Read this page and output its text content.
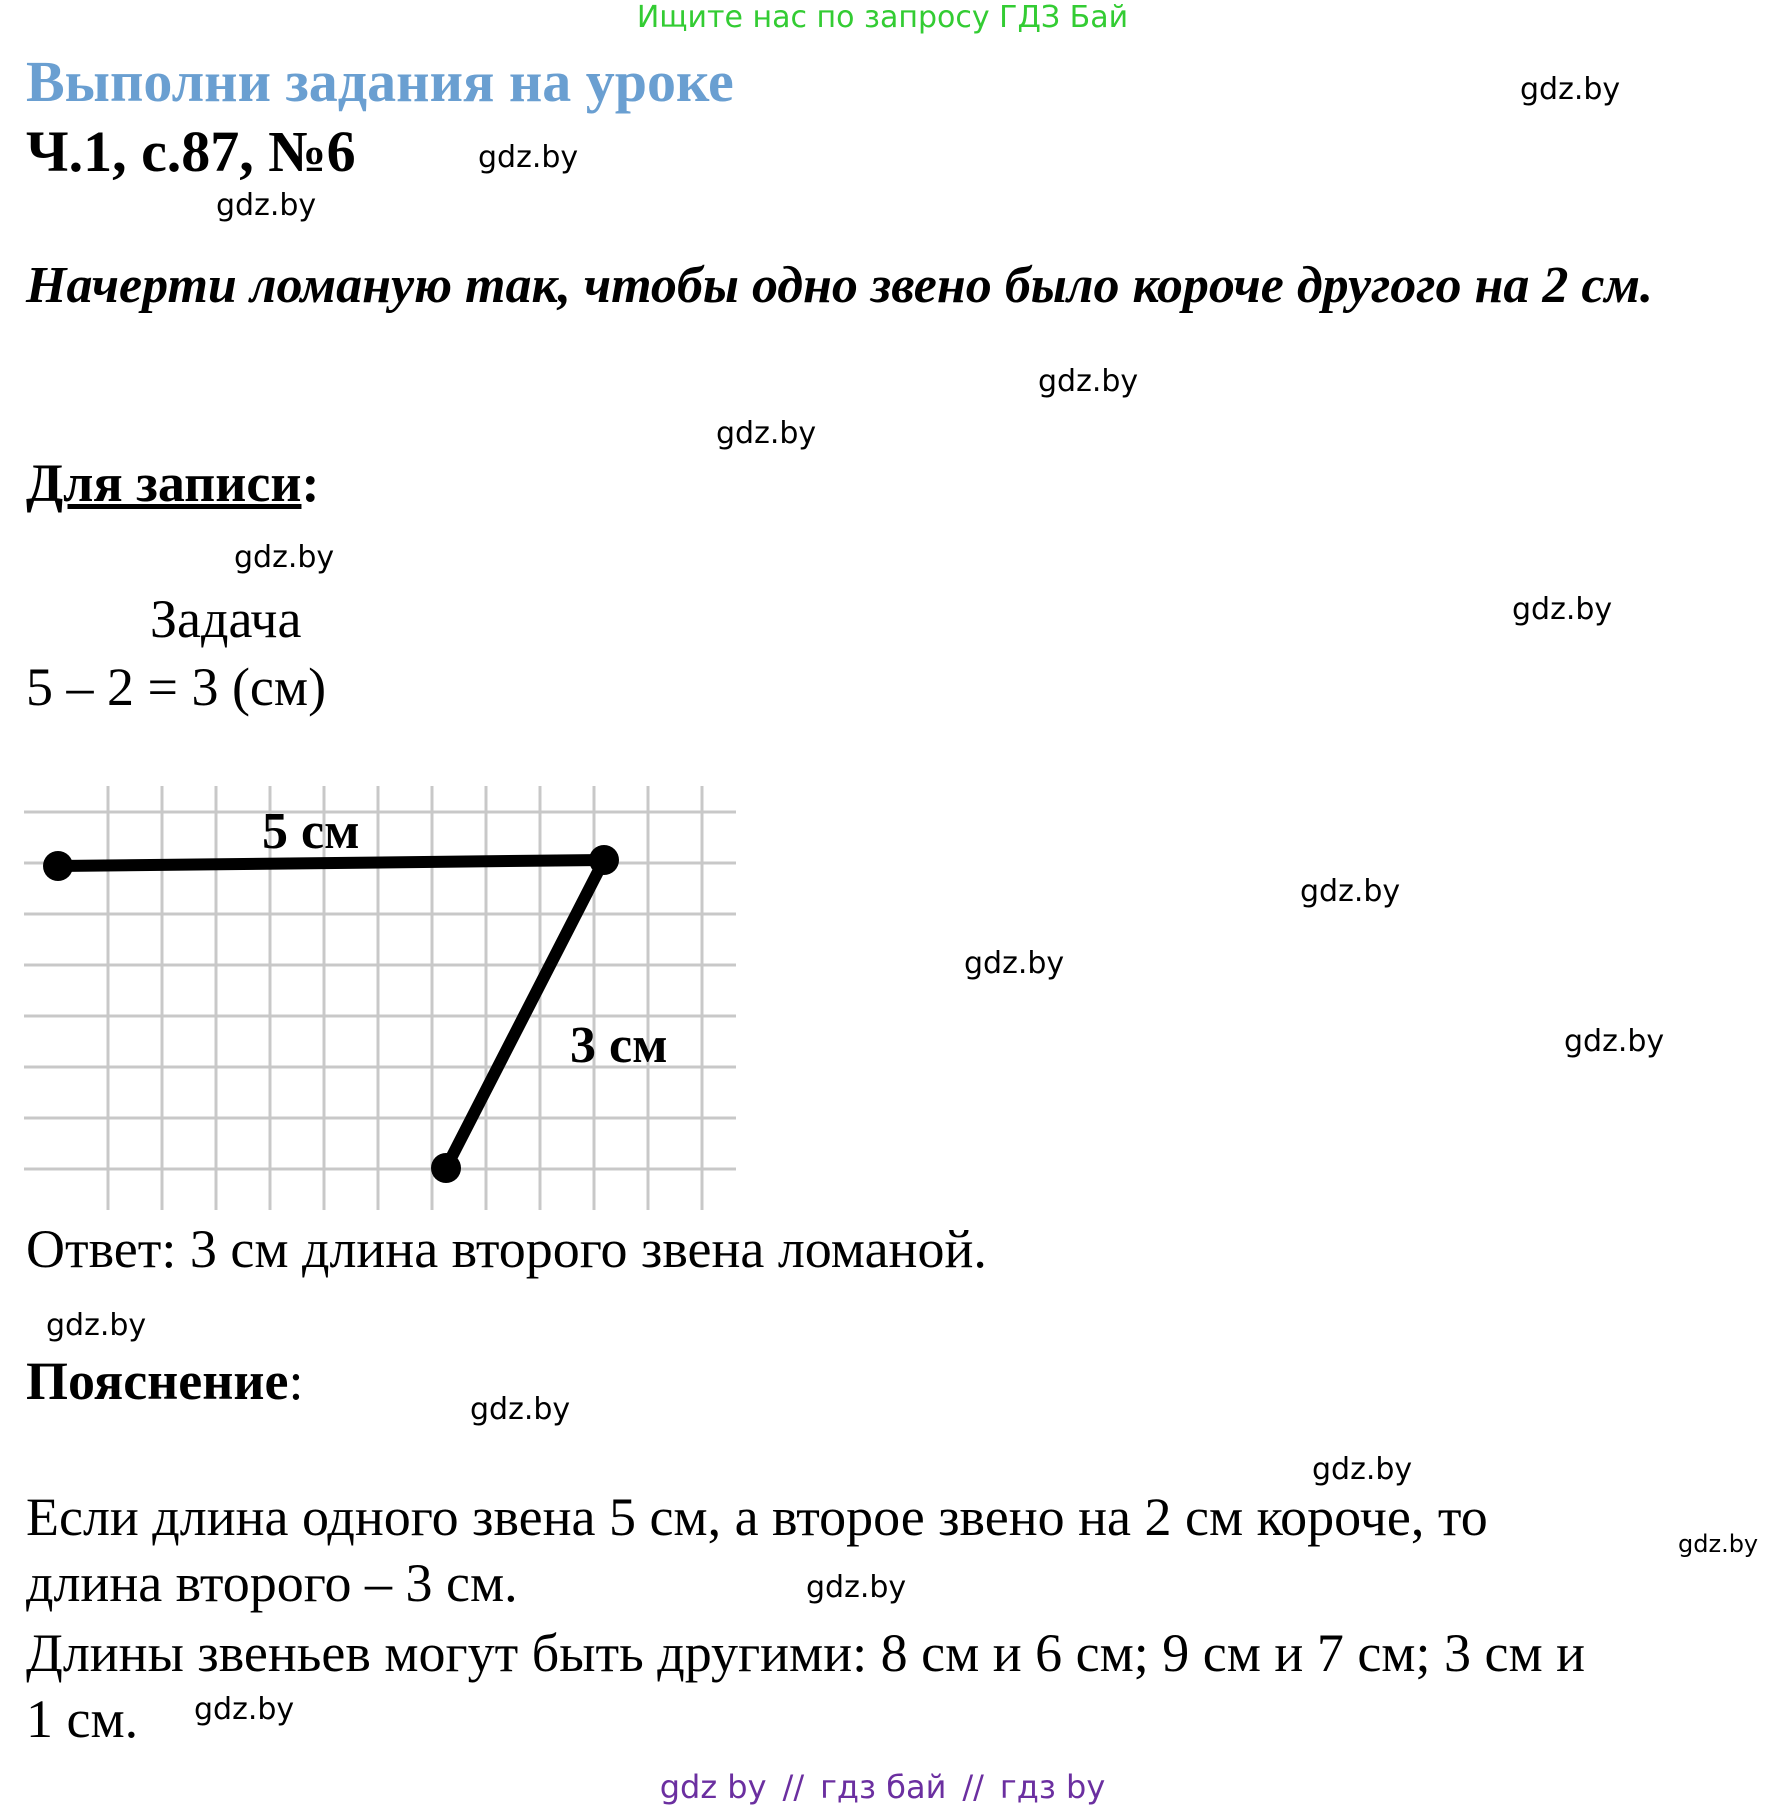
Ищите нас по запросу ГДЗ Бай
Выполни задания на уроке
Ч.1, с.87, №6
Начерти ломаную так, чтобы одно звено было короче другого на 2 см.
Для записи:
Задача
5 – 2 = 3 (см)
5 см
3 см
Ответ: 3 см длина второго звена ломаной.
Пояснение:
Если длина одного звена 5 см, а второе звено на 2 см короче, то
длина второго – 3 см.
Длины звеньев могут быть другими: 8 см и 6 см; 9 см и 7 см; 3 см и
1 см.
gdz.by
gdz.by
gdz.by
gdz.by
gdz.by
gdz.by
gdz.by
gdz.by
gdz.by
gdz.by
gdz.by
gdz.by
gdz.by
gdz.by
gdz.by
gdz.by
gdz by // гдз бай // гдз by
